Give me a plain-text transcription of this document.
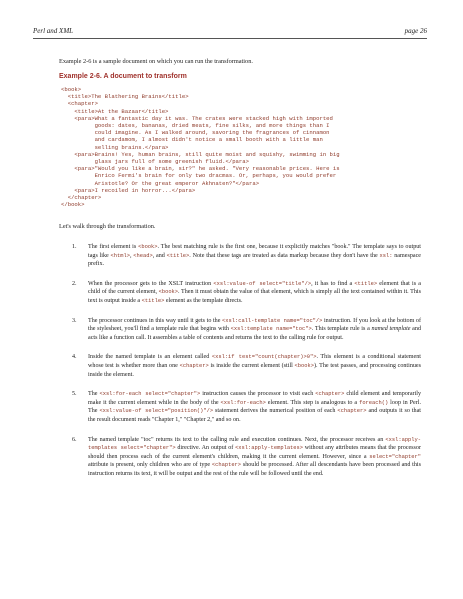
Perl and XML	page 26
Example 2-6 is a sample document on which you can run the transformation.
Example 2-6. A document to transform
<book>
<title>The Blathering Brains</title>
<chapter>
<title>At the Bazaar</title>
<para>What a fantastic day it was. The crates were stacked high with imported
goods: dates, bananas, dried meats, fine silks, and more things than I
could imagine. As I walked around, savoring the fragrances of cinnamon
and cardamom, I almost didn't notice a small booth with a little man
selling brains.</para>
<para>Brains! Yes, human brains, still quite moist and squishy, swimming in big
glass jars full of some greenish fluid.</para>
<para>"Would you like a brain, sir?" he asked. "Very reasonable prices. Here is
Enrico Fermi's brain for only two dracmas. Or, perhaps, you would prefer
Aristotle? Or the great emperor Akhnaten?"</para>
<para>I recoiled in horror...</para>
</chapter>
</book>
Let's walk through the transformation.
1. The first element is <book>. The best matching rule is the first one, because it explicitly matches "book." The template says to output tags like <html>, <head>, and <title>. Note that these tags are treated as data markup because they don't have the xsl: namespace prefix.
2. When the processor gets to the XSLT instruction <xsl:value-of select="title"/>, it has to find a <title> element that is a child of the current element, <book>. Then it must obtain the value of that element, which is simply all the text contained within it. This text is output inside a <title> element as the template directs.
3. The processor continues in this way until it gets to the <xsl:call-template name="toc"/> instruction. If you look at the bottom of the stylesheet, you'll find a template rule that begins with <xsl:template name="toc">. This template rule is a named template and acts like a function call. It assembles a table of contents and returns the text to the calling rule for output.
4. Inside the named template is an element called <xsl:if test="count(chapter)>0">. This element is a conditional statement whose test is whether more than one <chapter> is inside the current element (still <book>). The test passes, and processing continues inside the element.
5. The <xsl:for-each select="chapter"> instruction causes the processor to visit each <chapter> child element and temporarily make it the current element while in the body of the <xsl:for-each> element. This step is analogous to a foreach() loop in Perl. The <xsl:value-of select="position()"/> statement derives the numerical position of each <chapter> and outputs it so that the result document reads "Chapter 1," "Chapter 2," and so on.
6. The named template "toc" returns its text to the calling rule and execution continues. Next, the processor receives an <xsl:apply-templates select="chapter"> directive. An output of <xsl:apply-templates> without any attributes means that the processor should then process each of the current element's children, making it the current element. However, since a select="chapter" attribute is present, only children who are of type <chapter> should be processed. After all descendants have been processed and this instruction returns its text, it will be output and the rest of the rule will be followed until the end.
